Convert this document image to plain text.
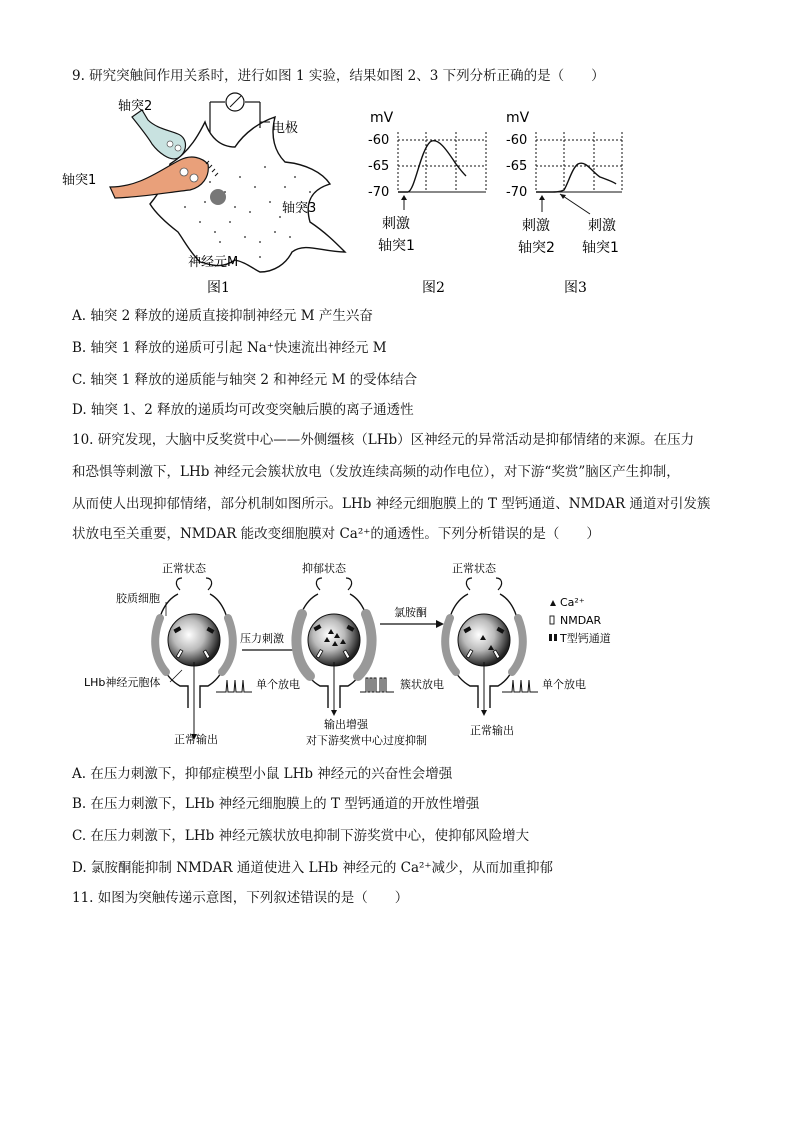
9. 研究突触间作用关系时，进行如图 1 实验，结果如图 2、3 下列分析正确的是（　　）
轴突2
电极
轴突1
轴突3
神经元M
图1
mV
-60
-65
-70
刺激
轴突1
图2
mV
-60
-65
-70
刺激
轴突2
刺激
轴突1
图3
A. 轴突 2 释放的递质直接抑制神经元 M 产生兴奋
B. 轴突 1 释放的递质可引起 Na⁺快速流出神经元 M
C. 轴突 1 释放的递质能与轴突 2 和神经元 M 的受体结合
D. 轴突 1、2 释放的递质均可改变突触后膜的离子通透性
10. 研究发现，大脑中反奖赏中心——外侧缰核（LHb）区神经元的异常活动是抑郁情绪的来源。在压力
和恐惧等刺激下，LHb 神经元会簇状放电（发放连续高频的动作电位），对下游“奖赏”脑区产生抑制，
从而使人出现抑郁情绪，部分机制如图所示。LHb 神经元细胞膜上的 T 型钙通道、NMDAR 通道对引发簇
状放电至关重要，NMDAR 能改变细胞膜对 Ca²⁺的通透性。下列分析错误的是（　　）
正常状态
胶质细胞
LHb神经元胞体
正常输出
单个放电
压力刺激
抑郁状态
输出增强
对下游奖赏中心过度抑制
簇状放电
氯胺酮
正常状态
正常输出
单个放电
Ca²⁺
NMDAR
T型钙通道
A. 在压力刺激下，抑郁症模型小鼠 LHb 神经元的兴奋性会增强
B. 在压力刺激下，LHb 神经元细胞膜上的 T 型钙通道的开放性增强
C. 在压力刺激下，LHb 神经元簇状放电抑制下游奖赏中心，使抑郁风险增大
D. 氯胺酮能抑制 NMDAR 通道使进入 LHb 神经元的 Ca²⁺减少，从而加重抑郁
11. 如图为突触传递示意图，下列叙述错误的是（　　）
